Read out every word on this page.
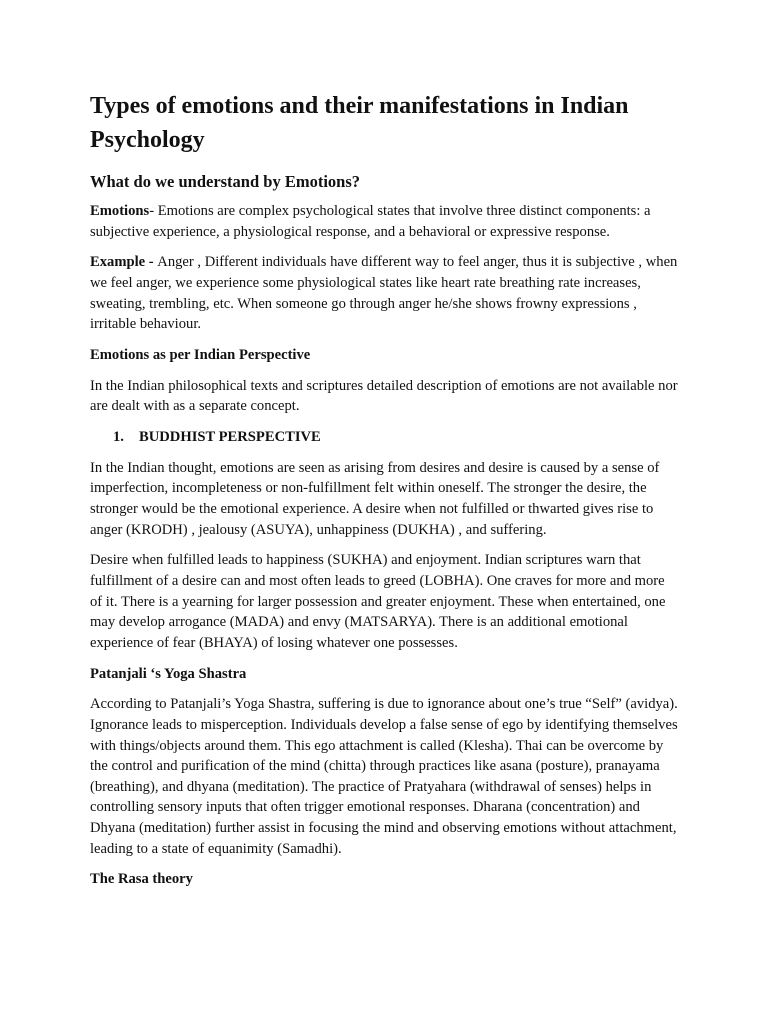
Types of emotions and their manifestations in Indian Psychology
What do we understand by Emotions?

Emotions- Emotions are complex psychological states that involve three distinct components: a subjective experience, a physiological response, and a behavioral or expressive response.

Example - Anger , Different individuals have different way to feel anger, thus it is subjective , when we feel anger, we experience some physiological states like heart rate breathing rate increases, sweating, trembling, etc. When someone go through anger he/she shows frowny expressions , irritable behaviour.

Emotions as per Indian Perspective

In the Indian philosophical texts and scriptures detailed description of emotions are not available nor are dealt with as a separate concept.

1. BUDDHIST PERSPECTIVE

In the Indian thought, emotions are seen as arising from desires and desire is caused by a sense of imperfection, incompleteness or non-fulfillment felt within oneself. The stronger the desire, the stronger would be the emotional experience. A desire when not fulfilled or thwarted gives rise to anger (KRODH) , jealousy (ASUYA), unhappiness (DUKHA) , and suffering.

Desire when fulfilled leads to happiness (SUKHA) and enjoyment. Indian scriptures warn that fulfillment of a desire can and most often leads to greed (LOBHA). One craves for more and more of it. There is a yearning for larger possession and greater enjoyment. These when entertained, one may develop arrogance (MADA) and envy (MATSARYA). There is an additional emotional experience of fear (BHAYA) of losing whatever one possesses.

Patanjali ‘s Yoga Shastra

According to Patanjali’s Yoga Shastra, suffering is due to ignorance about one’s true “Self” (avidya). Ignorance leads to misperception. Individuals develop a false sense of ego by identifying themselves with things/objects around them. This ego attachment is called (Klesha). Thai can be overcome by the control and purification of the mind (chitta) through practices like asana (posture), pranayama (breathing), and dhyana (meditation). The practice of Pratyahara (withdrawal of senses) helps in controlling sensory inputs that often trigger emotional responses. Dharana (concentration) and Dhyana (meditation) further assist in focusing the mind and observing emotions without attachment, leading to a state of equanimity (Samadhi).

The Rasa theory
